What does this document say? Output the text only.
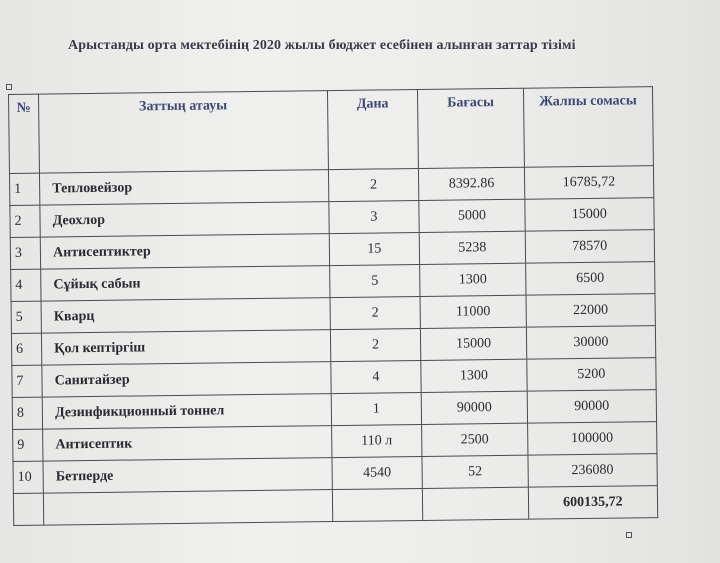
Арыстанды орта мектебінің 2020 жылы бюджет есебінен алынған заттар тізімі
№	Заттың атауы	Дана	Бағасы	Жалпы сомасы
1	Тепловейзор	2	8392.86	16785,72
2	Деохлор	3	5000	15000
3	Антисептиктер	15	5238	78570
4	Сұйық сабын	5	1300	6500
5	Кварц	2	11000	22000
6	Қол кептіргіш	2	15000	30000
7	Санитайзер	4	1300	5200
8	Дезинфикционный тоннел	1	90000	90000
9	Антисептик	110 л	2500	100000
10	Бетперде	4540	52	236080
				600135,72
